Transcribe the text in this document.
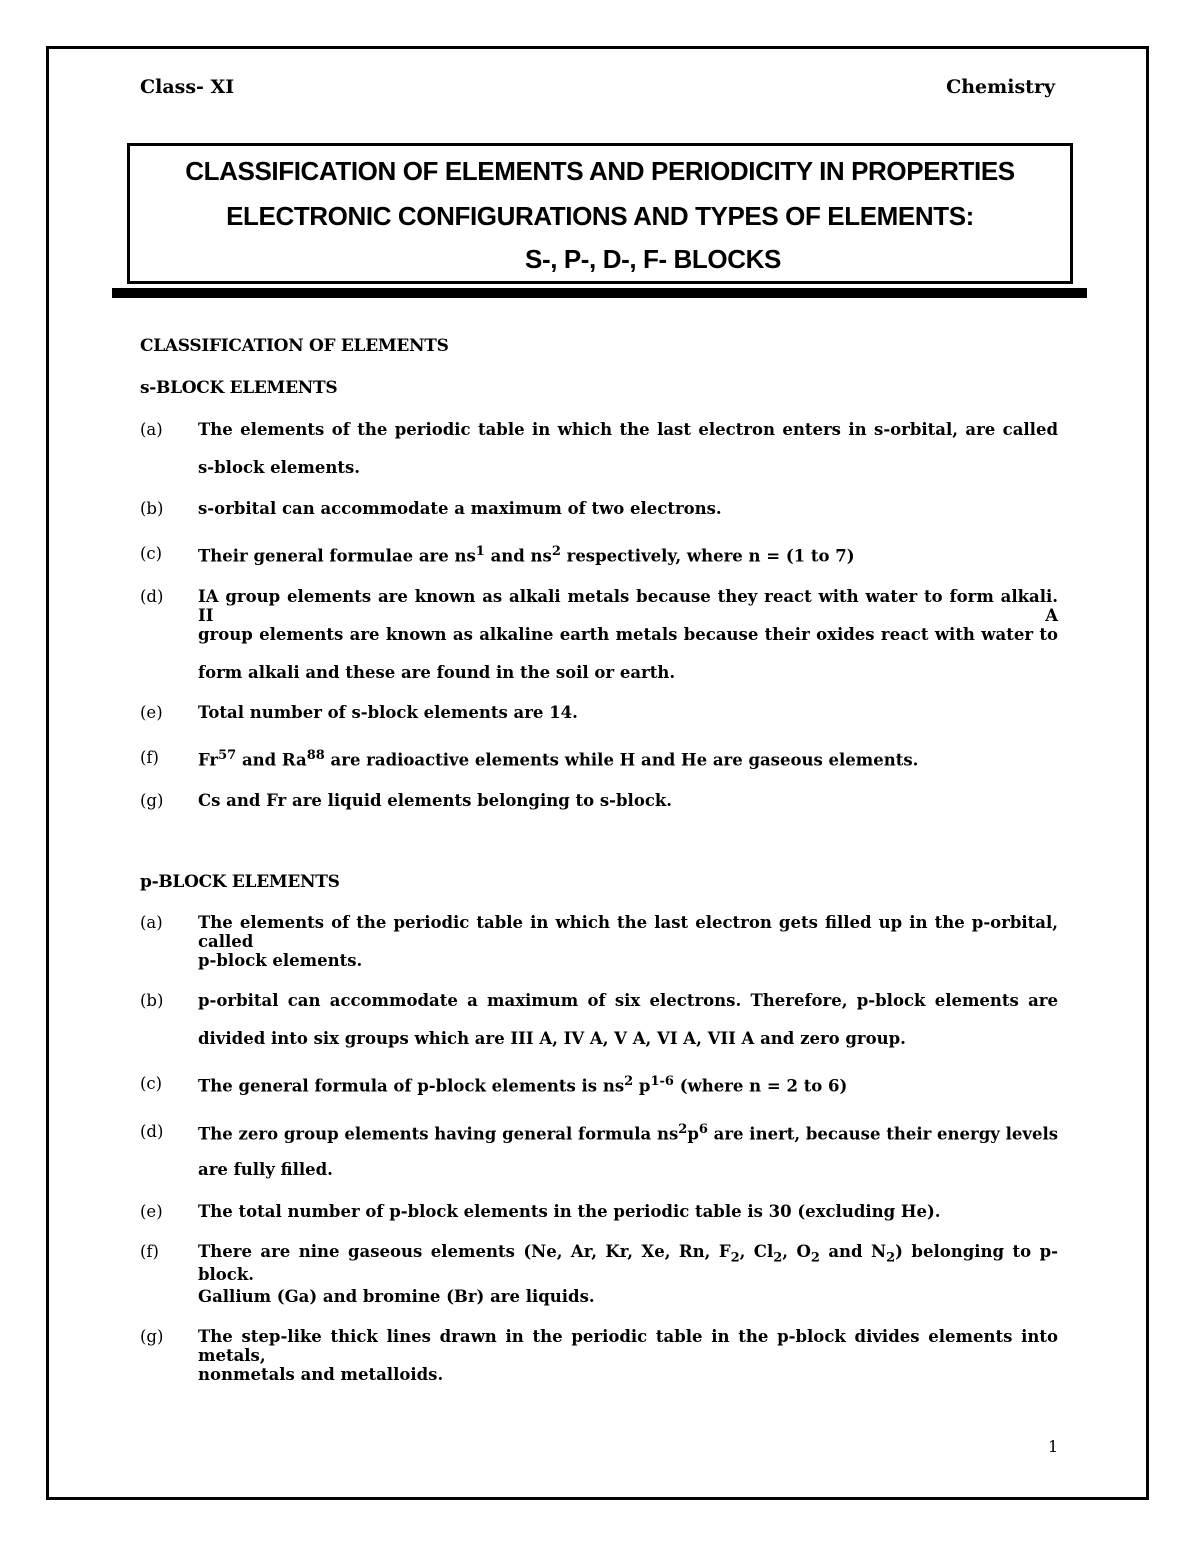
Class- XI	Chemistry
CLASSIFICATION OF ELEMENTS AND PERIODICITY IN PROPERTIES
ELECTRONIC CONFIGURATIONS AND TYPES OF ELEMENTS:
S-, P-, D-, F- BLOCKS
CLASSIFICATION OF ELEMENTS
s-BLOCK ELEMENTS
(a) The elements of the periodic table in which the last electron enters in s-orbital, are called
s-block elements.
(b) s-orbital can accommodate a maximum of two electrons.
(c) Their general formulae are $ns^1$ and $ns^2$ respectively, where n = (1 to 7)
(d) IA group elements are known as alkali metals because they react with water to form alkali. II A
group elements are known as alkaline earth metals because their oxides react with water to
form alkali and these are found in the soil or earth.
(e) Total number of s-block elements are 14.
(f) Fr$^{57}$ and Ra$^{88}$ are radioactive elements while H and He are gaseous elements.
(g) Cs and Fr are liquid elements belonging to s-block.
p-BLOCK ELEMENTS
(a) The elements of the periodic table in which the last electron gets filled up in the p-orbital, called
p-block elements.
(b) p-orbital can accommodate a maximum of six electrons. Therefore, p-block elements are
divided into six groups which are III A, IV A, V A, VI A, VII A and zero group.
(c) The general formula of p-block elements is $ns^2$ $p^{1-6}$ (where n = 2 to 6)
(d) The zero group elements having general formula $ns^2p^6$ are inert, because their energy levels
are fully filled.
(e) The total number of p-block elements in the periodic table is 30 (excluding He).
(f) There are nine gaseous elements (Ne, Ar, Kr, Xe, Rn, $F_2$, $Cl_2$, $O_2$ and $N_2$) belonging to p-block.
Gallium (Ga) and bromine (Br) are liquids.
(g) The step-like thick lines drawn in the periodic table in the p-block divides elements into metals,
nonmetals and metalloids.
1
